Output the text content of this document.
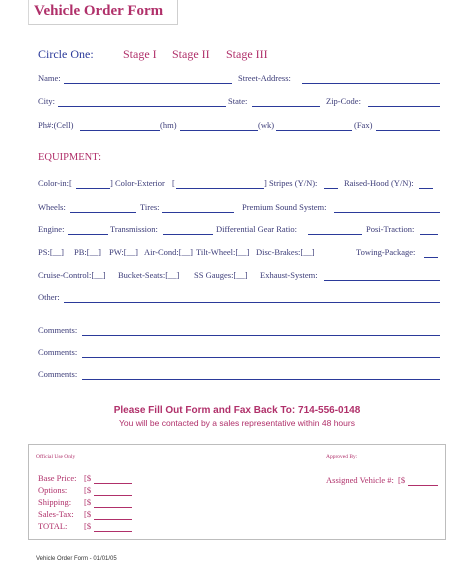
Vehicle Order Form
Circle One: Stage I Stage II Stage III
Name:	Street-Address:
City:	State:	Zip-Code:
Ph#:(Cell)	(hm)	(wk)	(Fax)
EQUIPMENT:
Color-in:[	] Color-Exterior [	] Stripes (Y/N):	Raised-Hood (Y/N):
Wheels:	Tires:	Premium Sound System:
Engine:	Transmission:	Differential Gear Ratio:	Posi-Traction:
PS:[__] PB:[__] PW:[__] Air-Cond:[__] Tilt-Wheel:[__] Disc-Brakes:[__]	Towing-Package:
Cruise-Control:[__] Bucket-Seats:[__] SS Gauges:[__] Exhaust-System:
Other:
Comments:
Comments:
Comments:
Please Fill Out Form and Fax Back To: 714-556-0148
You will be contacted by a sales representative within 48 hours
Official Use Only	Approved By:
Base Price: [$
Options: [$
Shipping: [$
Sales-Tax: [$
TOTAL: [$
Assigned Vehicle #: [$
Vehicle Order Form - 01/01/05
